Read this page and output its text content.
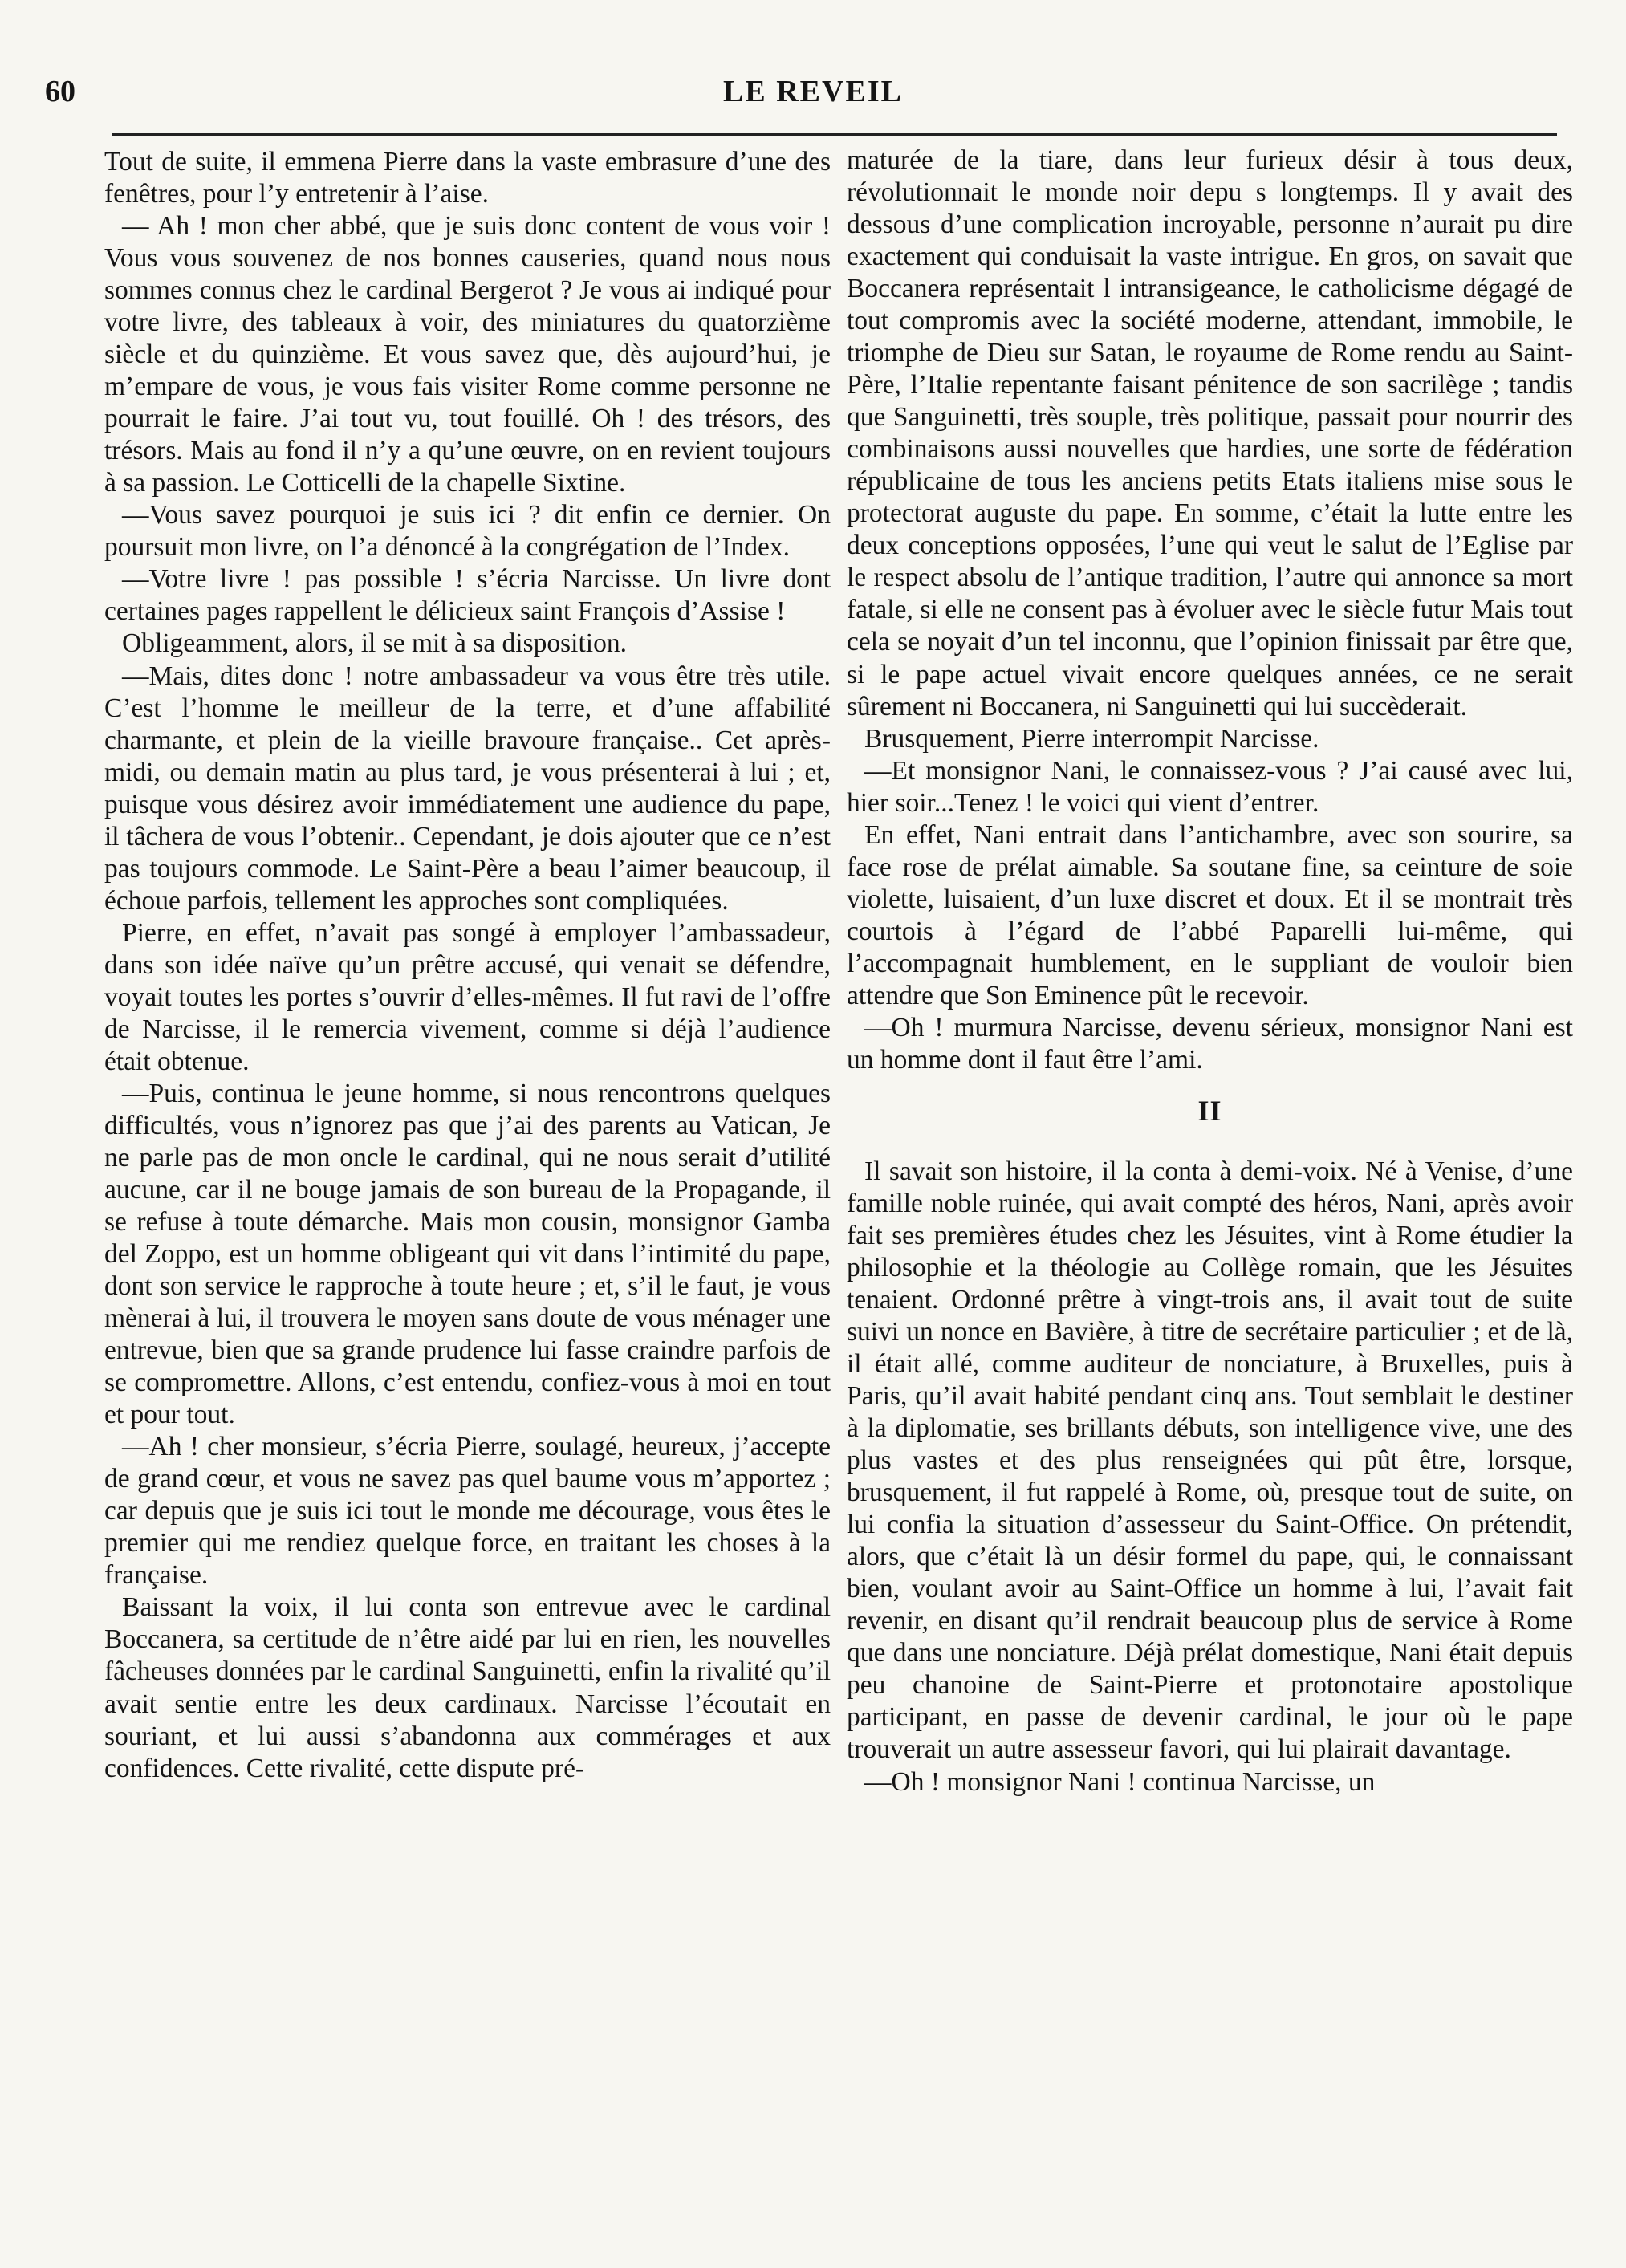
60	LE REVEIL

Tout de suite, il emmena Pierre dans la vaste embrasure d’une des fenêtres, pour l’y entretenir à l’aise.

— Ah ! mon cher abbé, que je suis donc content de vous voir ! Vous vous souvenez de nos bonnes causeries, quand nous nous sommes connus chez le cardinal Bergerot ? Je vous ai indiqué pour votre livre, des tableaux à voir, des miniatures du quatorzième siècle et du quinzième. Et vous savez que, dès aujourd’hui, je m’empare de vous, je vous fais visiter Rome comme personne ne pourrait le faire. J’ai tout vu, tout fouillé. Oh ! des trésors, des trésors. Mais au fond il n’y a qu’une œuvre, on en revient toujours à sa passion. Le Cotticelli de la chapelle Sixtine.

—Vous savez pourquoi je suis ici ? dit enfin ce dernier. On poursuit mon livre, on l’a dénoncé à la congrégation de l’Index.

—Votre livre ! pas possible ! s’écria Narcisse. Un livre dont certaines pages rappellent le délicieux saint François d’Assise !

Obligeamment, alors, il se mit à sa disposition.

—Mais, dites donc ! notre ambassadeur va vous être très utile. C’est l’homme le meilleur de la terre, et d’une affabilité charmante, et plein de la vieille bravoure française.. Cet après-midi, ou demain matin au plus tard, je vous présenterai à lui ; et, puisque vous désirez avoir immédiatement une audience du pape, il tâchera de vous l’obtenir.. Cependant, je dois ajouter que ce n’est pas toujours commode. Le Saint-Père a beau l’aimer beaucoup, il échoue parfois, tellement les approches sont compliquées.

Pierre, en effet, n’avait pas songé à employer l’ambassadeur, dans son idée naïve qu’un prêtre accusé, qui venait se défendre, voyait toutes les portes s’ouvrir d’elles-mêmes. Il fut ravi de l’offre de Narcisse, il le remercia vivement, comme si déjà l’audience était obtenue.

—Puis, continua le jeune homme, si nous rencontrons quelques difficultés, vous n’ignorez pas que j’ai des parents au Vatican, Je ne parle pas de mon oncle le cardinal, qui ne nous serait d’utilité aucune, car il ne bouge jamais de son bureau de la Propagande, il se refuse à toute démarche. Mais mon cousin, monsignor Gamba del Zoppo, est un homme obligeant qui vit dans l’intimité du pape, dont son service le rapproche à toute heure ; et, s’il le faut, je vous mènerai à lui, il trouvera le moyen sans doute de vous ménager une entrevue, bien que sa grande prudence lui fasse craindre parfois de se compromettre. Allons, c’est entendu, confiez-vous à moi en tout et pour tout.

—Ah ! cher monsieur, s’écria Pierre, soulagé, heureux, j’accepte de grand cœur, et vous ne savez pas quel baume vous m’apportez ; car depuis que je suis ici tout le monde me décourage, vous êtes le premier qui me rendiez quelque force, en traitant les choses à la française.

Baissant la voix, il lui conta son entrevue avec le cardinal Boccanera, sa certitude de n’être aidé par lui en rien, les nouvelles fâcheuses données par le cardinal Sanguinetti, enfin la rivalité qu’il avait sentie entre les deux cardinaux. Narcisse l’écoutait en souriant, et lui aussi s’abandonna aux commérages et aux confidences. Cette rivalité, cette dispute pré-

maturée de la tiare, dans leur furieux désir à tous deux, révolutionnait le monde noir depu s longtemps. Il y avait des dessous d’une complication incroyable, personne n’aurait pu dire exactement qui conduisait la vaste intrigue. En gros, on savait que Boccanera représentait l intransigeance, le catholicisme dégagé de tout compromis avec la société moderne, attendant, immobile, le triomphe de Dieu sur Satan, le royaume de Rome rendu au Saint-Père, l’Italie repentante faisant pénitence de son sacrilège ; tandis que Sanguinetti, très souple, très politique, passait pour nourrir des combinaisons aussi nouvelles que hardies, une sorte de fédération républicaine de tous les anciens petits Etats italiens mise sous le protectorat auguste du pape. En somme, c’était la lutte entre les deux conceptions opposées, l’une qui veut le salut de l’Eglise par le respect absolu de l’antique tradition, l’autre qui annonce sa mort fatale, si elle ne consent pas à évoluer avec le siècle futur Mais tout cela se noyait d’un tel inconnu, que l’opinion finissait par être que, si le pape actuel vivait encore quelques années, ce ne serait sûrement ni Boccanera, ni Sanguinetti qui lui succèderait.

Brusquement, Pierre interrompit Narcisse.

—Et monsignor Nani, le connaissez-vous ? J’ai causé avec lui, hier soir...Tenez ! le voici qui vient d’entrer.

En effet, Nani entrait dans l’antichambre, avec son sourire, sa face rose de prélat aimable. Sa soutane fine, sa ceinture de soie violette, luisaient, d’un luxe discret et doux. Et il se montrait très courtois à l’égard de l’abbé Paparelli lui-même, qui l’accompagnait humblement, en le suppliant de vouloir bien attendre que Son Eminence pût le recevoir.

—Oh ! murmura Narcisse, devenu sérieux, monsignor Nani est un homme dont il faut être l’ami.

II

Il savait son histoire, il la conta à demi-voix. Né à Venise, d’une famille noble ruinée, qui avait compté des héros, Nani, après avoir fait ses premières études chez les Jésuites, vint à Rome étudier la philosophie et la théologie au Collège romain, que les Jésuites tenaient. Ordonné prêtre à vingt-trois ans, il avait tout de suite suivi un nonce en Bavière, à titre de secrétaire particulier ; et de là, il était allé, comme auditeur de nonciature, à Bruxelles, puis à Paris, qu’il avait habité pendant cinq ans. Tout semblait le destiner à la diplomatie, ses brillants débuts, son intelligence vive, une des plus vastes et des plus renseignées qui pût être, lorsque, brusquement, il fut rappelé à Rome, où, presque tout de suite, on lui confia la situation d’assesseur du Saint-Office. On prétendit, alors, que c’était là un désir formel du pape, qui, le connaissant bien, voulant avoir au Saint-Office un homme à lui, l’avait fait revenir, en disant qu’il rendrait beaucoup plus de service à Rome que dans une nonciature. Déjà prélat domestique, Nani était depuis peu chanoine de Saint-Pierre et protonotaire apostolique participant, en passe de devenir cardinal, le jour où le pape trouverait un autre assesseur favori, qui lui plairait davantage.

—Oh ! monsignor Nani ! continua Narcisse, un
